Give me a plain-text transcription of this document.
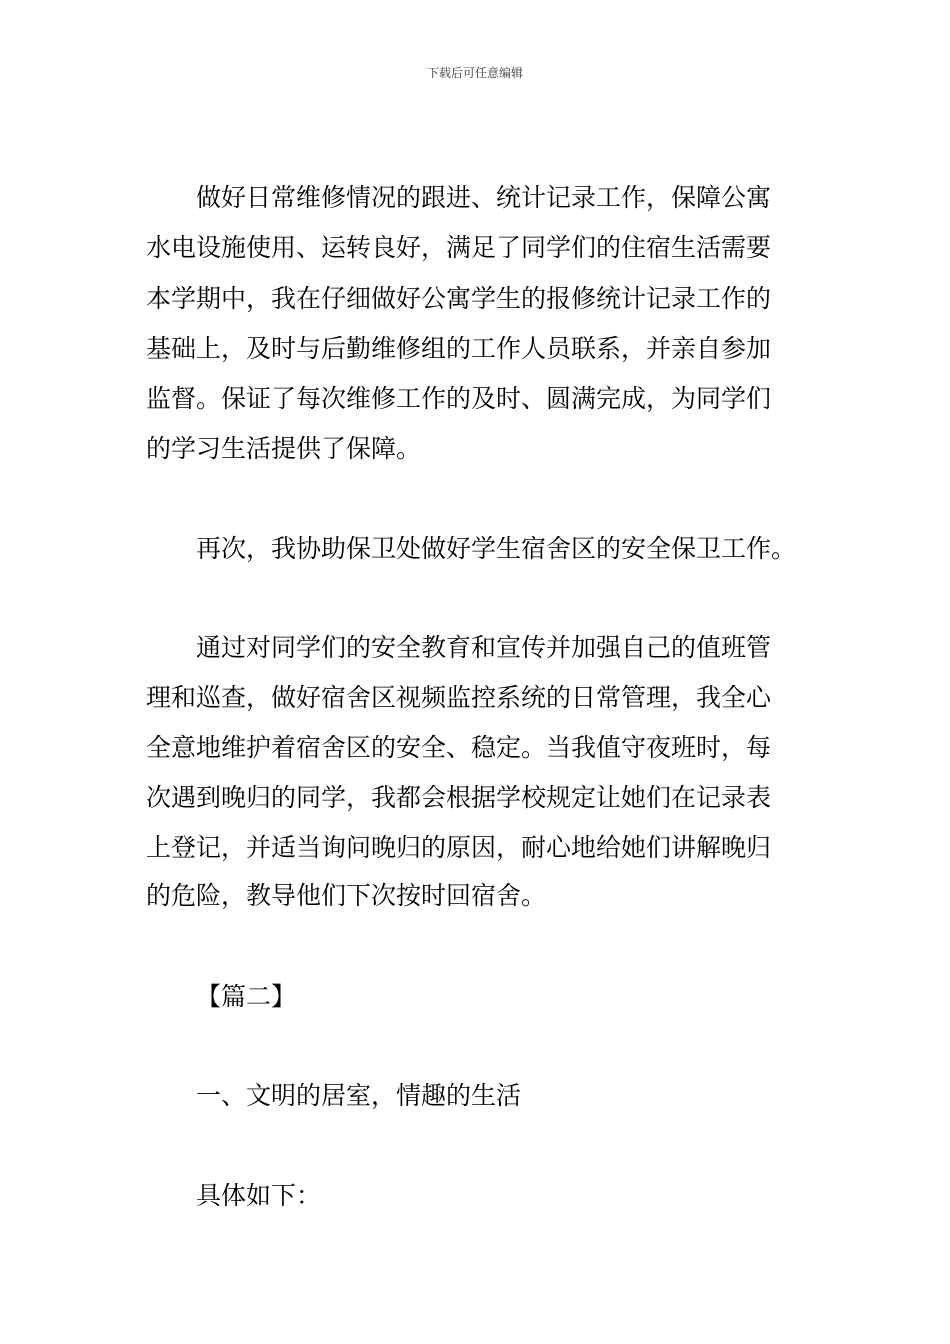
下载后可任意编辑
做好日常维修情况的跟进、统计记录工作，保障公寓
水电设施使用、运转良好，满足了同学们的住宿生活需要
本学期中，我在仔细做好公寓学生的报修统计记录工作的
基础上，及时与后勤维修组的工作人员联系，并亲自参加
监督。保证了每次维修工作的及时、圆满完成，为同学们
的学习生活提供了保障。
再次，我协助保卫处做好学生宿舍区的安全保卫工作。
通过对同学们的安全教育和宣传并加强自己的值班管
理和巡查，做好宿舍区视频监控系统的日常管理，我全心
全意地维护着宿舍区的安全、稳定。当我值守夜班时，每
次遇到晚归的同学，我都会根据学校规定让她们在记录表
上登记，并适当询问晚归的原因，耐心地给她们讲解晚归
的危险，教导他们下次按时回宿舍。
【篇二】
一、文明的居室，情趣的生活
具体如下：
